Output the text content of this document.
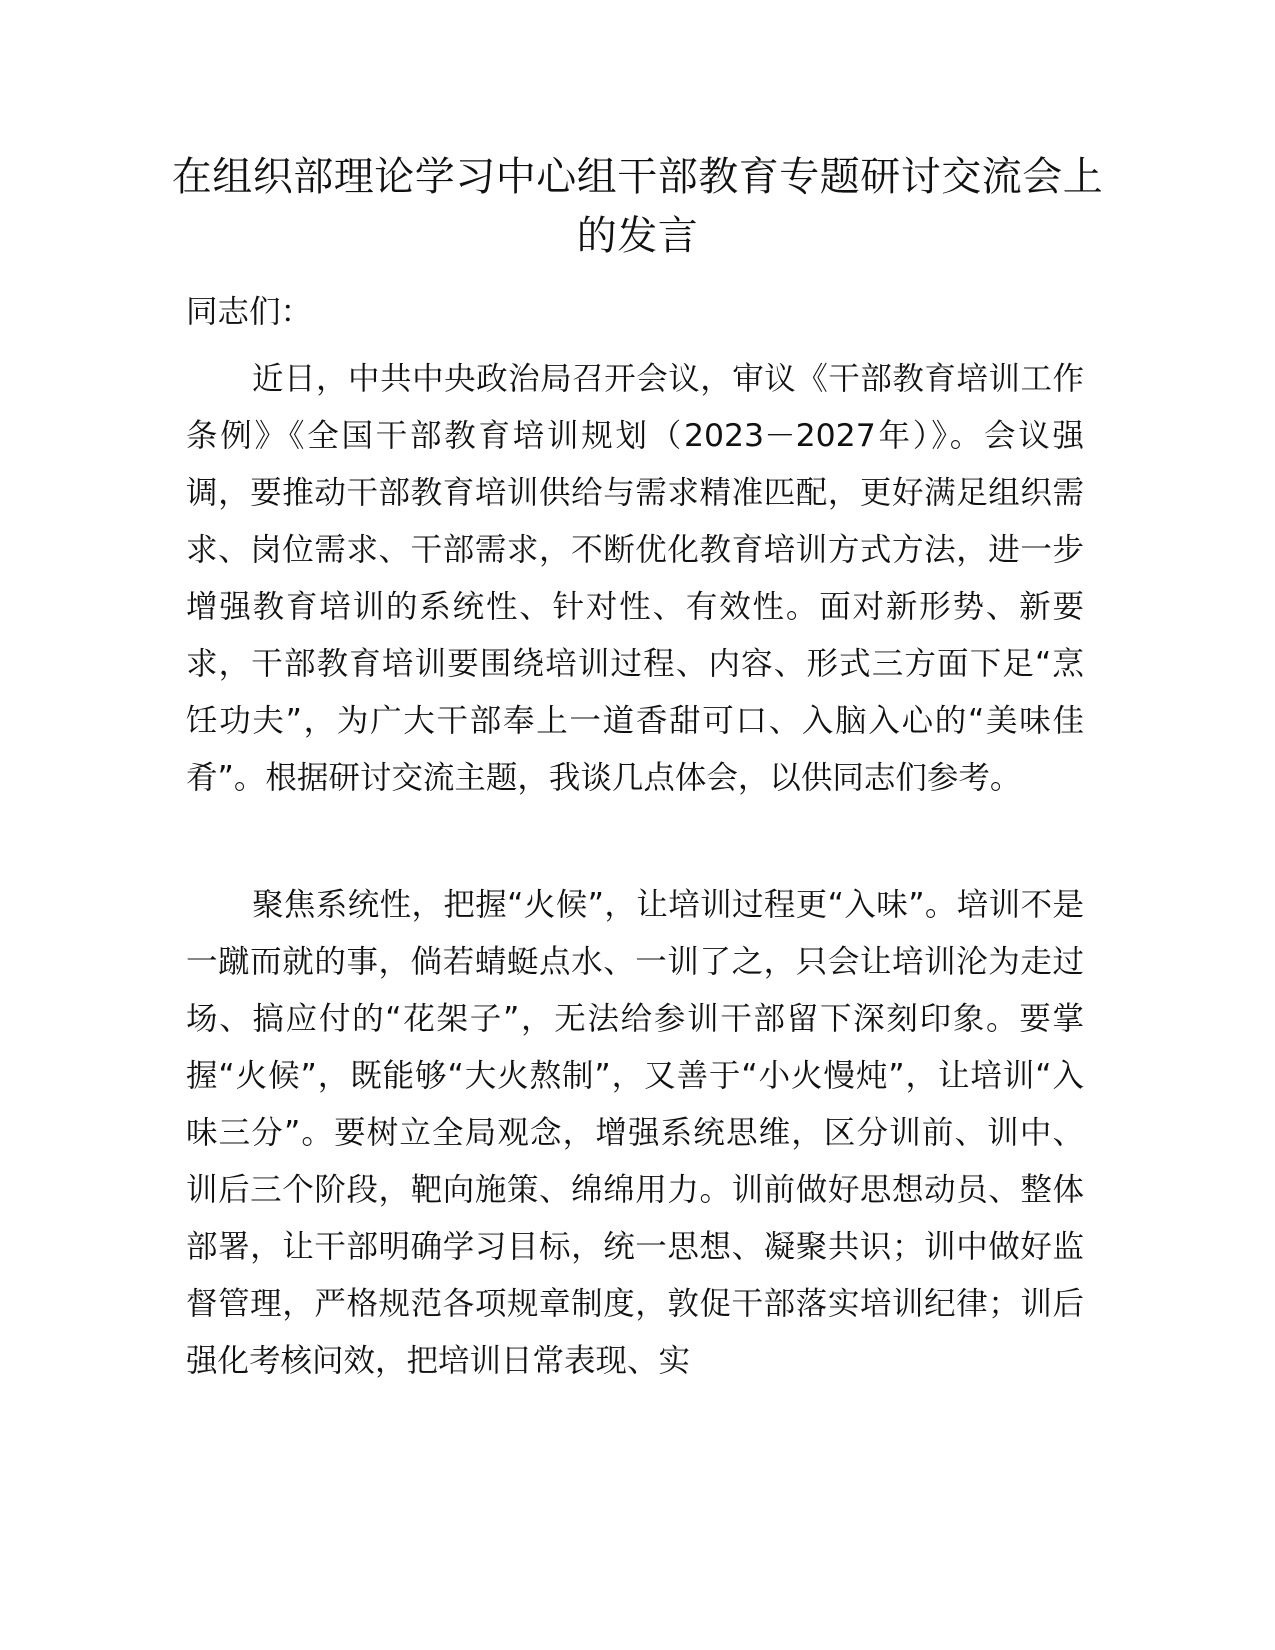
在组织部理论学习中心组干部教育专题研讨交流会上的发言

同志们：

近日，中共中央政治局召开会议，审议《干部教育培训工作条例》《全国干部教育培训规划（2023－2027年）》。会议强调，要推动干部教育培训供给与需求精准匹配，更好满足组织需求、岗位需求、干部需求，不断优化教育培训方式方法，进一步增强教育培训的系统性、针对性、有效性。面对新形势、新要求，干部教育培训要围绕培训过程、内容、形式三方面下足“烹饪功夫”，为广大干部奉上一道香甜可口、入脑入心的“美味佳肴”。根据研讨交流主题，我谈几点体会，以供同志们参考。

聚焦系统性，把握“火候”，让培训过程更“入味”。培训不是一蹴而就的事，倘若蜻蜓点水、一训了之，只会让培训沦为走过场、搞应付的“花架子”，无法给参训干部留下深刻印象。要掌握“火候”，既能够“大火熬制”，又善于“小火慢炖”，让培训“入味三分”。要树立全局观念，增强系统思维，区分训前、训中、训后三个阶段，靶向施策、绵绵用力。训前做好思想动员、整体部署，让干部明确学习目标，统一思想、凝聚共识；训中做好监督管理，严格规范各项规章制度，敦促干部落实培训纪律；训后强化考核问效，把培训日常表现、实
